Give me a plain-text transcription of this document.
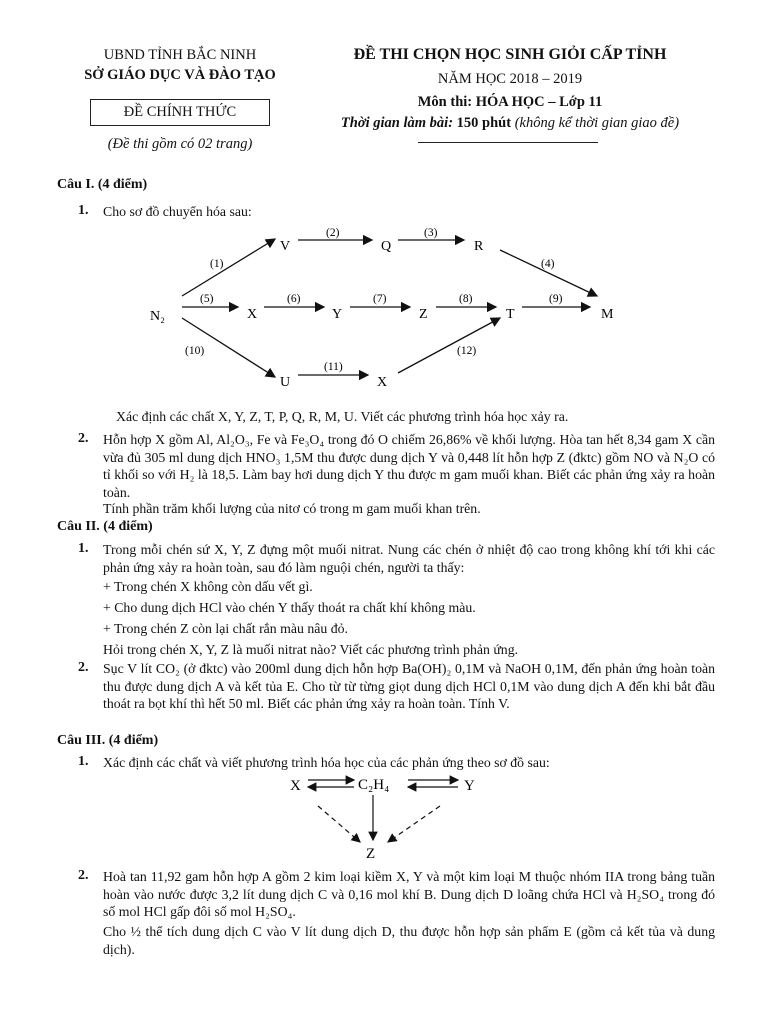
UBND TỈNH BẮC NINH
SỞ GIÁO DỤC VÀ ĐÀO TẠO
ĐỀ CHÍNH THỨC
(Đề thi gồm có 02 trang)
ĐỀ THI CHỌN HỌC SINH GIỎI CẤP TỈNH
NĂM HỌC 2018 – 2019
Môn thi: HÓA HỌC – Lớp 11
Thời gian làm bài: 150 phút (không kể thời gian giao đề)
Câu I. (4 điểm)
1. Cho sơ đồ chuyển hóa sau:
N₂
V	Q	R
X	Y	Z	T	M
U	X
(1)
(2)	(3)
(4)
(5)	(6)	(7)	(8)	(9)
(10)
(11)
(12)
Xác định các chất X, Y, Z, T, P, Q, R, M, U. Viết các phương trình hóa học xảy ra.
2. Hỗn hợp X gồm Al, Al₂O₃, Fe và Fe₃O₄ trong đó O chiếm 26,86% về khối lượng. Hòa tan hết 8,34 gam X cần vừa đủ 305 ml dung dịch HNO₃ 1,5M thu được dung dịch Y và 0,448 lít hỗn hợp Z (đktc) gồm NO và N₂O có tỉ khối so với H₂ là 18,5. Làm bay hơi dung dịch Y thu được m gam muối khan. Biết các phản ứng xảy ra hoàn toàn.
Tính phần trăm khối lượng của nitơ có trong m gam muối khan trên.
Câu II. (4 điểm)
1. Trong mỗi chén sứ X, Y, Z đựng một muối nitrat. Nung các chén ở nhiệt độ cao trong không khí tới khi các phản ứng xảy ra hoàn toàn, sau đó làm nguội chén, người ta thấy:
+ Trong chén X không còn dấu vết gì.
+ Cho dung dịch HCl vào chén Y thấy thoát ra chất khí không màu.
+ Trong chén Z còn lại chất rắn màu nâu đỏ.
Hỏi trong chén X, Y, Z là muối nitrat nào? Viết các phương trình phản ứng.
2. Sục V lít CO₂ (ở đktc) vào 200ml dung dịch hỗn hợp Ba(OH)₂ 0,1M và NaOH 0,1M, đến phản ứng hoàn toàn thu được dung dịch A và kết tủa E. Cho từ từ từng giọt dung dịch HCl 0,1M vào dung dịch A đến khi bắt đầu thoát ra bọt khí thì hết 50 ml. Biết các phản ứng xảy ra hoàn toàn. Tính V.
Câu III. (4 điểm)
1. Xác định các chất và viết phương trình hóa học của các phản ứng theo sơ đồ sau:
X	C₂H₄	Y
Z
2. Hoà tan 11,92 gam hỗn hợp A gồm 2 kim loại kiềm X, Y và một kim loại M thuộc nhóm IIA trong bảng tuần hoàn vào nước được 3,2 lít dung dịch C và 0,16 mol khí B. Dung dịch D loãng chứa HCl và H₂SO₄ trong đó số mol HCl gấp đôi số mol H₂SO₄.
Cho ½ thể tích dung dịch C vào V lít dung dịch D, thu được hỗn hợp sản phẩm E (gồm cả kết tủa và dung dịch).
